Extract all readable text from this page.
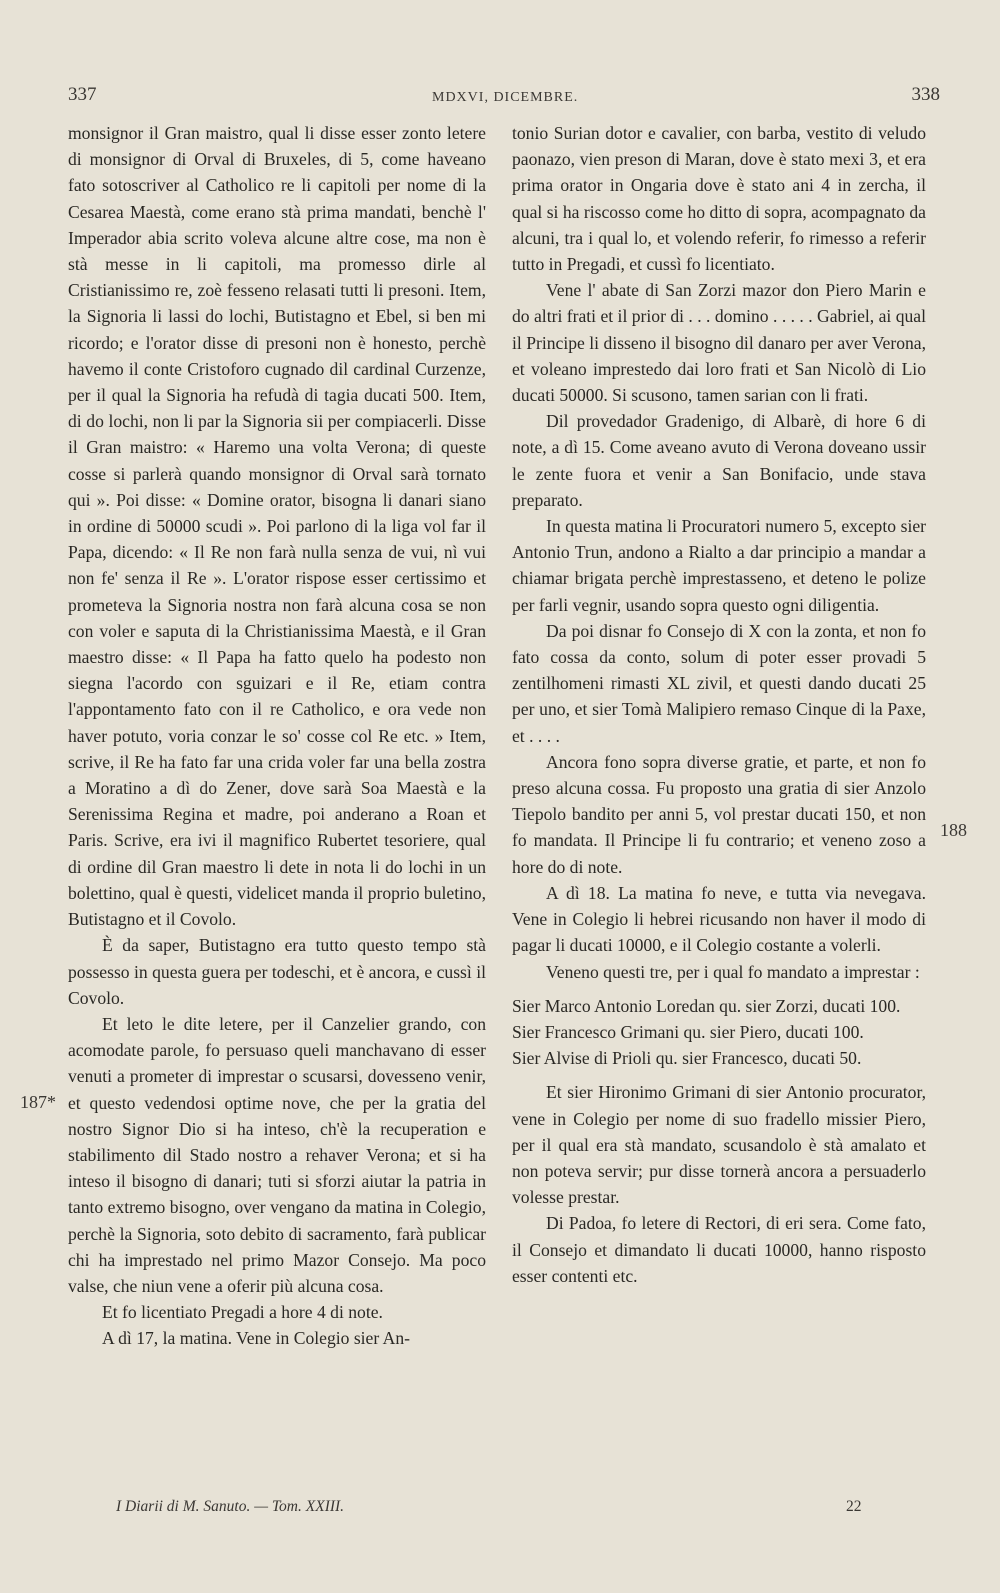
337	MDXVI, DICEMBRE.	338

monsignor il Gran maistro, qual li disse esser zonto letere di monsignor di Orval di Bruxeles, di 5, come haveano fato sotoscriver al Catholico re li capitoli per nome di la Cesarea Maestà, come erano stà prima mandati, benchè l' Imperador abia scrito voleva alcune altre cose, ma non è stà messe in li capitoli, ma promesso dirle al Cristianissimo re, zoè fesseno relasati tutti li presoni. Item, la Signoria li lassi do lochi, Butistagno et Ebel, si ben mi ricordo; e l'orator disse di presoni non è honesto, perchè havemo il conte Cristoforo cugnado dil cardinal Curzenze, per il qual la Signoria ha refudà di tagia ducati 500. Item, di do lochi, non li par la Signoria sii per compiacerli. Disse il Gran maistro: « Haremo una volta Verona; di queste cosse si parlerà quando monsignor di Orval sarà tornato qui ». Poi disse: « Domine orator, bisogna li danari siano in ordine di 50000 scudi ». Poi parlono di la liga vol far il Papa, dicendo: « Il Re non farà nulla senza de vui, nì vui non fe' senza il Re ». L'orator rispose esser certissimo et prometeva la Signoria nostra non farà alcuna cosa se non con voler e saputa di la Christianissima Maestà, e il Gran maestro disse: « Il Papa ha fatto quelo ha podesto non siegna l'acordo con sguizari e il Re, etiam contra l'appontamento fato con il re Catholico, e ora vede non haver potuto, voria conzar le so' cosse col Re etc. » Item, scrive, il Re ha fato far una crida voler far una bella zostra a Moratino a dì do Zener, dove sarà Soa Maestà e la Serenissima Regina et madre, poi anderano a Roan et Paris. Scrive, era ivi il magnifico Rubertet tesoriere, qual di ordine dil Gran maestro li dete in nota li do lochi in un bolettino, qual è questi, videlicet manda il proprio buletino, Butistagno et il Covolo.

È da saper, Butistagno era tutto questo tempo stà possesso in questa guera per todeschi, et è ancora, e cussì il Covolo.

Et leto le dite letere, per il Canzelier grando, con acomodate parole, fo persuaso queli manchavano di esser venuti a prometer di imprestar o scusarsi, dovesseno venir, et questo vedendosi optime nove, che per la gratia del nostro Signor Dio si ha inteso, ch'è la recuperation e stabilimento dil Stado nostro a rehaver Verona; et si ha inteso il bisogno di danari; tuti si sforzi aiutar la patria in tanto extremo bisogno, over vengano da matina in Colegio, perchè la Signoria, soto debito di sacramento, farà publicar chi ha imprestado nel primo Mazor Consejo. Ma poco valse, che niun vene a oferir più alcuna cosa.

Et fo licentiato Pregadi a hore 4 di note.

A dì 17, la matina. Vene in Colegio sier An-

tonio Surian dotor e cavalier, con barba, vestito di veludo paonazo, vien preson di Maran, dove è stato mexi 3, et era prima orator in Ongaria dove è stato ani 4 in zercha, il qual si ha riscosso come ho ditto di sopra, acompagnato da alcuni, tra i qual lo, et volendo referir, fo rimesso a referir tutto in Pregadi, et cussì fo licentiato.

Vene l' abate di San Zorzi mazor don Piero Marin e do altri frati et il prior di . . . domino . . . . . Gabriel, ai qual il Principe li disseno il bisogno dil danaro per aver Verona, et voleano imprestedo dai loro frati et San Nicolò di Lio ducati 50000. Si scusono, tamen sarian con li frati.

Dil provedador Gradenigo, di Albarè, di hore 6 di note, a dì 15. Come aveano avuto di Verona doveano ussir le zente fuora et venir a San Bonifacio, unde stava preparato.

In questa matina li Procuratori numero 5, excepto sier Antonio Trun, andono a Rialto a dar principio a mandar a chiamar brigata perchè imprestasseno, et deteno le polize per farli vegnir, usando sopra questo ogni diligentia.

Da poi disnar fo Consejo di X con la zonta, et non fo fato cossa da conto, solum di poter esser provadi 5 zentilhomeni rimasti XL zivil, et questi dando ducati 25 per uno, et sier Tomà Malipiero remaso Cinque di la Paxe, et . . . .

Ancora fono sopra diverse gratie, et parte, et non fo preso alcuna cossa. Fu proposto una gratia di sier Anzolo Tiepolo bandito per anni 5, vol prestar ducati 150, et non fo mandata. Il Principe li fu contrario; et veneno zoso a hore do di note.

A dì 18. La matina fo neve, e tutta via nevegava. Vene in Colegio li hebrei ricusando non haver il modo di pagar li ducati 10000, e il Colegio costante a volerli.

Veneno questi tre, per i qual fo mandato a imprestar :

Sier Marco Antonio Loredan qu. sier Zorzi, ducati 100.

Sier Francesco Grimani qu. sier Piero, ducati 100.

Sier Alvise di Prioli qu. sier Francesco, ducati 50.

Et sier Hironimo Grimani di sier Antonio procurator, vene in Colegio per nome di suo fradello missier Piero, per il qual era stà mandato, scusandolo è stà amalato et non poteva servir; pur disse tornerà ancora a persuaderlo volesse prestar.

Di Padoa, fo letere di Rectori, di eri sera. Come fato, il Consejo et dimandato li ducati 10000, hanno risposto esser contenti etc.

187*
188
I Diarii di M. Sanuto. — Tom. XXIII.	22
